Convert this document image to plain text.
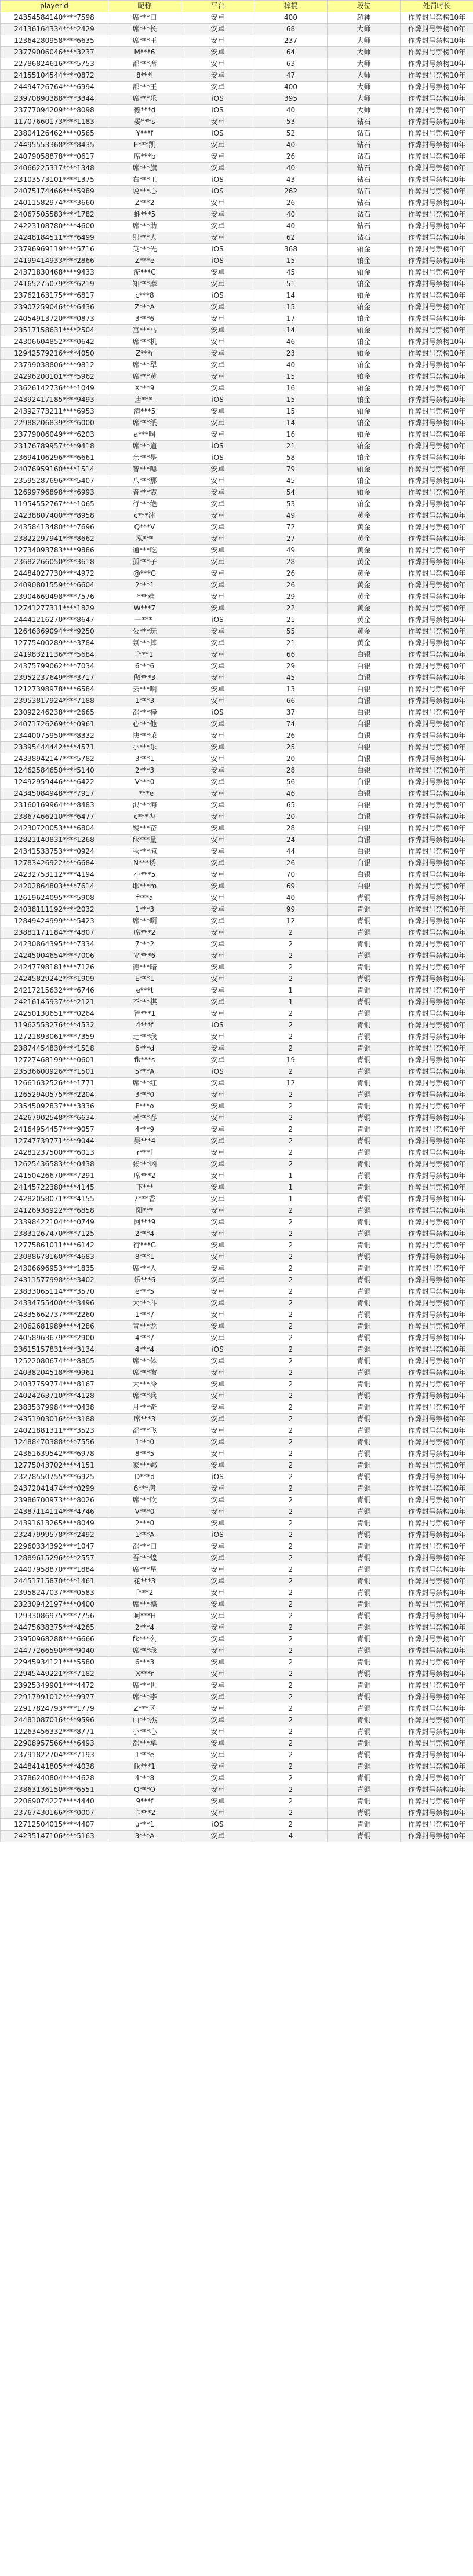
playerid	昵称	平台	棒棍	段位	处罚时长
24354584140****7598	席***口	安卓	400	超神	作弊封号禁榜10年
24136164334****2429	席***长	安卓	68	大师	作弊封号禁榜10年
12364280958****6635	席***王	安卓	237	大师	作弊封号禁榜10年
23779006046****3237	M***6	安卓	64	大师	作弊封号禁榜10年
22786824616****5753	都***席	安卓	63	大师	作弊封号禁榜10年
24155104544****0872	8***l	安卓	47	大师	作弊封号禁榜10年
24494726764****6994	都***王	安卓	400	大师	作弊封号禁榜10年
23970890388****3344	席***乐	iOS	395	大师	作弊封号禁榜10年
23777094209****8098	德***d	iOS	40	大师	作弊封号禁榜10年
11707660173****1183	晏***s	安卓	53	钻石	作弊封号禁榜10年
23804126462****0565	Y***f	iOS	52	钻石	作弊封号禁榜10年
24495553368****8435	E***凯	安卓	40	钻石	作弊封号禁榜10年
24079058878****0617	席***b	安卓	26	钻石	作弊封号禁榜10年
24066225317****1348	席***旗	安卓	40	钻石	作弊封号禁榜10年
23103573101****1375	右***工	iOS	43	钻石	作弊封号禁榜10年
24075174466****5989	说***心	iOS	262	钻石	作弊封号禁榜10年
24011582974****3660	Z***2	安卓	26	钻石	作弊封号禁榜10年
24067505583****1782	蚝***5	安卓	40	钻石	作弊封号禁榜10年
24223108780****4600	席***助	安卓	40	钻石	作弊封号禁榜10年
24248184511****6499	别***人	安卓	62	钻石	作弊封号禁榜10年
23796969119****5716	英***先	iOS	368	铂金	作弊封号禁榜10年
24199414933****2866	Z***e	iOS	15	铂金	作弊封号禁榜10年
24371830468****9433	流***C	安卓	45	铂金	作弊封号禁榜10年
24165275079****6219	知***摩	安卓	51	铂金	作弊封号禁榜10年
23762163175****6817	c***8	iOS	14	铂金	作弊封号禁榜10年
23907259046****6436	Z***A	安卓	15	铂金	作弊封号禁榜10年
24054913720****0873	3***6	安卓	17	铂金	作弊封号禁榜10年
23517158631****2504	宫***马	安卓	14	铂金	作弊封号禁榜10年
24306604852****0642	席***机	安卓	46	铂金	作弊封号禁榜10年
12942579216****4050	Z***r	安卓	23	铂金	作弊封号禁榜10年
23799038806****9812	席***犁	安卓	40	铂金	作弊封号禁榜10年
24296200101****5962	席***黄	安卓	15	铂金	作弊封号禁榜10年
23626142736****1049	X***9	安卓	16	铂金	作弊封号禁榜10年
24392417185****9493	唐***-	iOS	15	铂金	作弊封号禁榜10年
24392773211****6953	渣***5	安卓	15	铂金	作弊封号禁榜10年
22988206839****6000	席***纸	安卓	14	铂金	作弊封号禁榜10年
23779006049****6203	a***啊	安卓	16	铂金	作弊封号禁榜10年
23176789957****9418	席***道	iOS	21	铂金	作弊封号禁榜10年
23694106296****6661	亲***是	iOS	58	铂金	作弊封号禁榜10年
24076959160****1514	智***嗯	安卓	79	铂金	作弊封号禁榜10年
23595287696****5407	八***那	安卓	45	铂金	作弊封号禁榜10年
12699796898****6993	者***霞	安卓	54	铂金	作弊封号禁榜10年
11954552767****1065	行***绝	安卓	53	铂金	作弊封号禁榜10年
24238807400****8958	c***沐	安卓	49	黄金	作弊封号禁榜10年
24358413480****7696	Q***V	安卓	72	黄金	作弊封号禁榜10年
23822297941****8662	泓***	安卓	27	黄金	作弊封号禁榜10年
12734093783****9886	通***吃	安卓	49	黄金	作弊封号禁榜10年
23682266050****3618	孤***子	安卓	28	黄金	作弊封号禁榜10年
24484027730****4972	@***G	安卓	26	黄金	作弊封号禁榜10年
24090801559****6604	2***1	安卓	26	黄金	作弊封号禁榜10年
23904669498****7576	-***难	安卓	29	黄金	作弊封号禁榜10年
12741277311****1829	W***7	安卓	22	黄金	作弊封号禁榜10年
24441216270****8647	一***-	iOS	21	黄金	作弊封号禁榜10年
12646369094****9250	公***玩	安卓	55	黄金	作弊封号禁榜10年
12775400289****3784	氛***捧	安卓	21	黄金	作弊封号禁榜10年
24198321136****5684	f***1	安卓	66	白银	作弊封号禁榜10年
24375799062****7034	6***6	安卓	29	白银	作弊封号禁榜10年
23952237649****3717	傲***3	安卓	45	白银	作弊封号禁榜10年
12127398978****6584	云***啊	安卓	13	白银	作弊封号禁榜10年
23953817924****7188	1***3	安卓	66	白银	作弊封号禁榜10年
23092246238****2665	都***棒	iOS	37	白银	作弊封号禁榜10年
24071726269****0961	心***他	安卓	74	白银	作弊封号禁榜10年
23440075950****8332	快***荣	安卓	26	白银	作弊封号禁榜10年
23395444442****4571	小***乐	安卓	25	白银	作弊封号禁榜10年
24338942147****5782	3***1	安卓	20	白银	作弊封号禁榜10年
12462584650****5140	2***3	安卓	28	白银	作弊封号禁榜10年
12492959446****6422	V***0	安卓	56	白银	作弊封号禁榜10年
24345084948****7917	_***e	安卓	46	白银	作弊封号禁榜10年
23160169964****8483	沢***海	安卓	65	白银	作弊封号禁榜10年
23867466210****6477	c***为	安卓	20	白银	作弊封号禁榜10年
24230720053****6804	嫂***奋	安卓	28	白银	作弊封号禁榜10年
12821140831****1268	fk***量	安卓	24	白银	作弊封号禁榜10年
24341533753****0924	秋***凉	安卓	44	白银	作弊封号禁榜10年
12783426922****6684	N***诱	安卓	26	白银	作弊封号禁榜10年
24232753112****4194	小***5	安卓	70	白银	作弊封号禁榜10年
24202864803****7614	耶***m	安卓	69	白银	作弊封号禁榜10年
12619624095****5908	f***a	安卓	40	青铜	作弊封号禁榜10年
24038111192****2032	1***3	安卓	99	青铜	作弊封号禁榜10年
12849424999****5423	席***啊	安卓	12	青铜	作弊封号禁榜10年
23881171184****4807	席***2	安卓	2	青铜	作弊封号禁榜10年
24230864395****7334	7***2	安卓	2	青铜	作弊封号禁榜10年
24245004654****7006	宽***6	安卓	2	青铜	作弊封号禁榜10年
24247798181****7126	德***暗	安卓	2	青铜	作弊封号禁榜10年
24245829242****1909	E***1	安卓	2	青铜	作弊封号禁榜10年
24217215632****6746	e***t	安卓	1	青铜	作弊封号禁榜10年
24216145937****2121	不***棋	安卓	1	青铜	作弊封号禁榜10年
24250130651****0264	智***1	安卓	2	青铜	作弊封号禁榜10年
11962553276****4532	4***f	iOS	2	青铜	作弊封号禁榜10年
12721893061****7359	走***我	安卓	2	青铜	作弊封号禁榜10年
23874454830****1518	6***d	安卓	2	青铜	作弊封号禁榜10年
12727468199****0601	fk***s	安卓	19	青铜	作弊封号禁榜10年
23536600926****1501	5***A	iOS	2	青铜	作弊封号禁榜10年
12661632526****1771	席***红	安卓	12	青铜	作弊封号禁榜10年
12652940575****2204	3***0	安卓	2	青铜	作弊封号禁榜10年
23545092837****3336	F***o	安卓	2	青铜	作弊封号禁榜10年
24267902548****6634	嘲***春	安卓	2	青铜	作弊封号禁榜10年
24164954457****9057	4***9	安卓	2	青铜	作弊封号禁榜10年
12747739771****9044	吴***4	安卓	2	青铜	作弊封号禁榜10年
24281237500****6013	r***f	安卓	2	青铜	作弊封号禁榜10年
12625436583****0438	张***凶	安卓	2	青铜	作弊封号禁榜10年
24150426670****7291	席***2	安卓	1	青铜	作弊封号禁榜10年
24145722380****4145	下***	安卓	1	青铜	作弊封号禁榜10年
24282058071****4155	7***香	安卓	1	青铜	作弊封号禁榜10年
24126936922****6858	阳***	安卓	2	青铜	作弊封号禁榜10年
23398422104****0749	阿***9	安卓	2	青铜	作弊封号禁榜10年
23831267470****7125	2***4	安卓	2	青铜	作弊封号禁榜10年
12775861011****6142	行***G	安卓	2	青铜	作弊封号禁榜10年
23088678160****4683	8***1	安卓	2	青铜	作弊封号禁榜10年
24306696953****1835	席***人	安卓	2	青铜	作弊封号禁榜10年
24311577998****3402	乐***6	安卓	2	青铜	作弊封号禁榜10年
23833065114****3570	e***5	安卓	2	青铜	作弊封号禁榜10年
24334755400****3496	大***斗	安卓	2	青铜	作弊封号禁榜10年
24335662737****2260	1***7	安卓	2	青铜	作弊封号禁榜10年
24062681989****4286	青***龙	安卓	2	青铜	作弊封号禁榜10年
24058963679****2900	4***7	安卓	2	青铜	作弊封号禁榜10年
23615157831****3134	4***4	iOS	2	青铜	作弊封号禁榜10年
12522080674****8805	席***体	安卓	2	青铜	作弊封号禁榜10年
24038204518****9961	席***徽	安卓	2	青铜	作弊封号禁榜10年
24037759774****8167	大***冷	安卓	2	青铜	作弊封号禁榜10年
24024263710****4128	席***兵	安卓	2	青铜	作弊封号禁榜10年
23835379984****0438	月***奇	安卓	2	青铜	作弊封号禁榜10年
24351903016****3188	席***3	安卓	2	青铜	作弊封号禁榜10年
24021881311****3523	都***飞	安卓	2	青铜	作弊封号禁榜10年
12488470388****7556	1***0	安卓	2	青铜	作弊封号禁榜10年
24361639542****6978	8***5	安卓	2	青铜	作弊封号禁榜10年
12775043702****4151	家***娜	安卓	2	青铜	作弊封号禁榜10年
23278550755****6925	D***d	iOS	2	青铜	作弊封号禁榜10年
24372041474****0299	6***鸿	安卓	2	青铜	作弊封号禁榜10年
23986700973****8026	席***吹	安卓	2	青铜	作弊封号禁榜10年
24387114114****4746	V***0	安卓	2	青铜	作弊封号禁榜10年
24391613265****8049	2***0	安卓	2	青铜	作弊封号禁榜10年
23247999578****2492	1***A	iOS	2	青铜	作弊封号禁榜10年
22960334392****1047	都***口	安卓	2	青铜	作弊封号禁榜10年
12889615296****2557	吾***蝗	安卓	2	青铜	作弊封号禁榜10年
24407958870****1884	席***星	安卓	2	青铜	作弊封号禁榜10年
24451715870****1461	花***3	安卓	2	青铜	作弊封号禁榜10年
23958247037****0583	f***2	安卓	2	青铜	作弊封号禁榜10年
23230942197****0400	席***德	安卓	2	青铜	作弊封号禁榜10年
12933086975****7756	呵***H	安卓	2	青铜	作弊封号禁榜10年
24475638375****4265	2***4	安卓	2	青铜	作弊封号禁榜10年
23950968288****6666	fk***么	安卓	2	青铜	作弊封号禁榜10年
24477266590****9040	席***我	安卓	2	青铜	作弊封号禁榜10年
22945934121****5580	6***3	安卓	2	青铜	作弊封号禁榜10年
22945449221****7182	X***r	安卓	2	青铜	作弊封号禁榜10年
23925349901****4472	席***世	安卓	2	青铜	作弊封号禁榜10年
22917991012****9977	席***李	安卓	2	青铜	作弊封号禁榜10年
22917824793****1779	Z***区	安卓	2	青铜	作弊封号禁榜10年
24481087016****9596	山***杰	安卓	2	青铜	作弊封号禁榜10年
12263456332****8771	小***心	安卓	2	青铜	作弊封号禁榜10年
22908957566****6493	都***拿	安卓	2	青铜	作弊封号禁榜10年
23791822704****7193	1***e	安卓	2	青铜	作弊封号禁榜10年
24484141805****4038	fk***1	安卓	2	青铜	作弊封号禁榜10年
23786240804****4628	4***8	安卓	2	青铜	作弊封号禁榜10年
23863136150****6551	Q***O	安卓	2	青铜	作弊封号禁榜10年
22069074227****4440	9***f	安卓	2	青铜	作弊封号禁榜10年
23767430166****0007	卡***2	安卓	2	青铜	作弊封号禁榜10年
12712504015****4407	u***1	iOS	2	青铜	作弊封号禁榜10年
24235147106****5163	3***A	安卓	4	青铜	作弊封号禁榜10年
